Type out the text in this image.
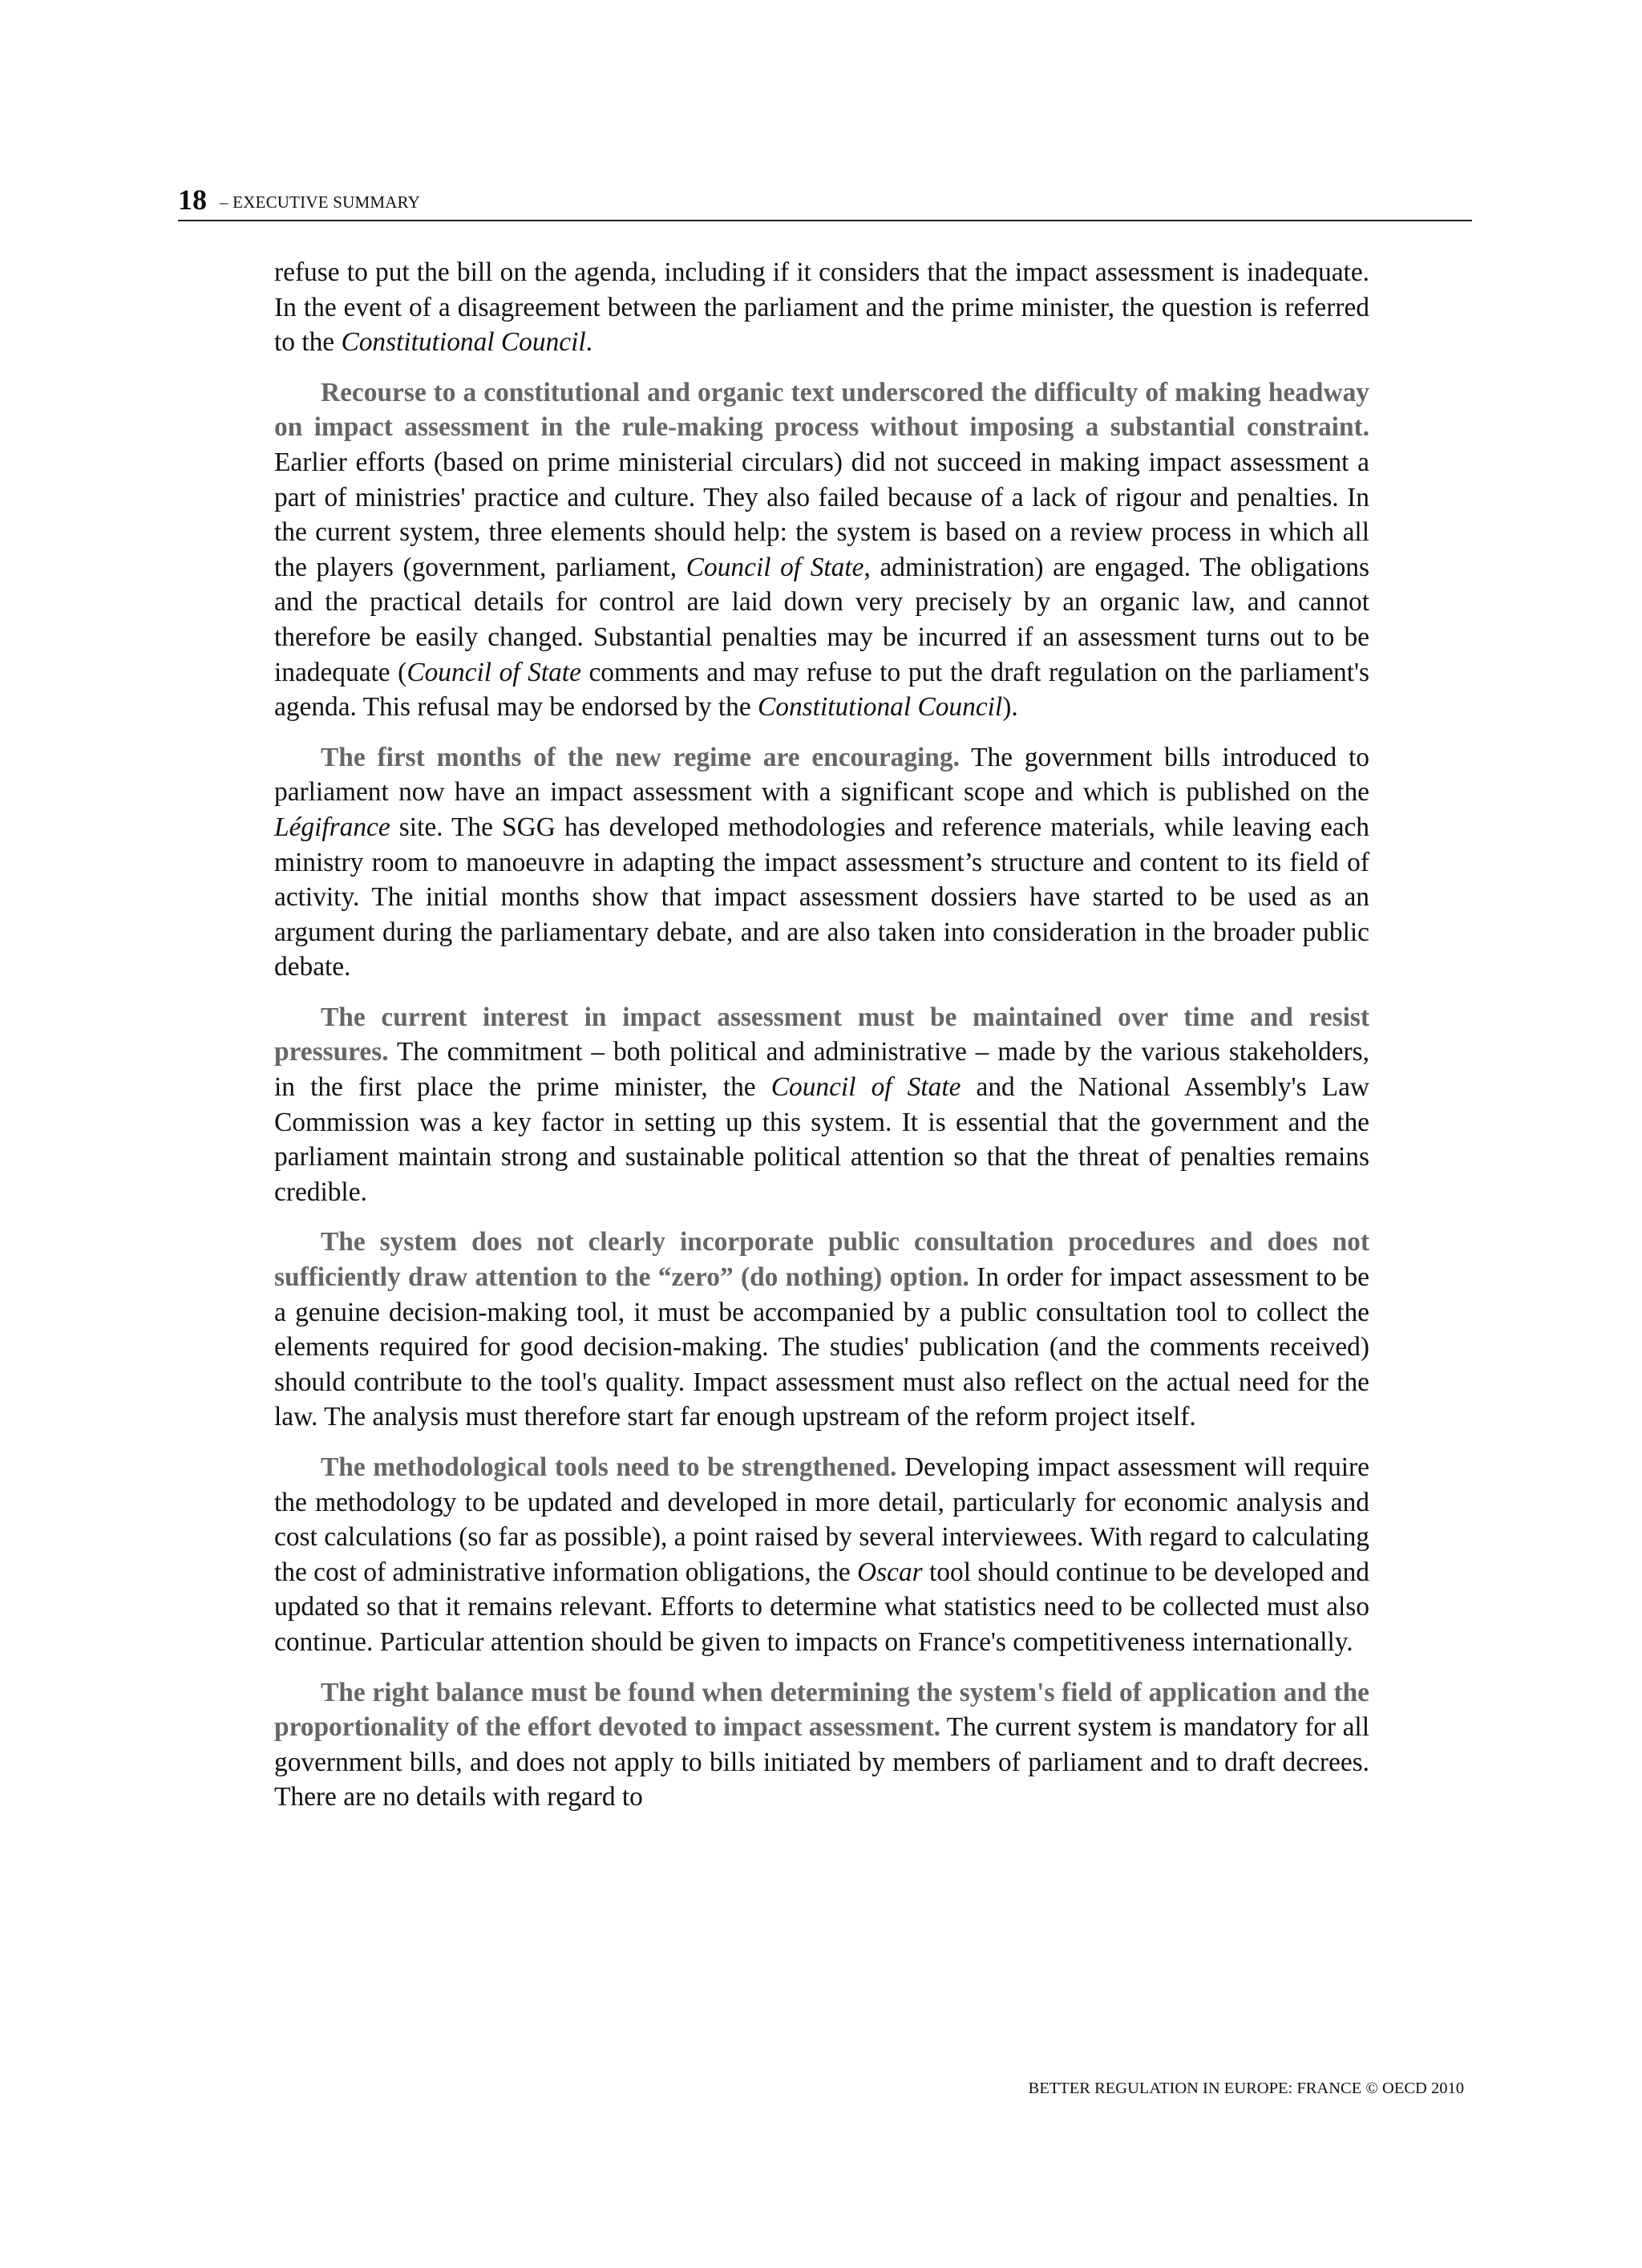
18 – EXECUTIVE SUMMARY

refuse to put the bill on the agenda, including if it considers that the impact assessment is inadequate. In the event of a disagreement between the parliament and the prime minister, the question is referred to the Constitutional Council.

Recourse to a constitutional and organic text underscored the difficulty of making headway on impact assessment in the rule-making process without imposing a substantial constraint. Earlier efforts (based on prime ministerial circulars) did not succeed in making impact assessment a part of ministries' practice and culture. They also failed because of a lack of rigour and penalties. In the current system, three elements should help: the system is based on a review process in which all the players (government, parliament, Council of State, administration) are engaged. The obligations and the practical details for control are laid down very precisely by an organic law, and cannot therefore be easily changed. Substantial penalties may be incurred if an assessment turns out to be inadequate (Council of State comments and may refuse to put the draft regulation on the parliament's agenda. This refusal may be endorsed by the Constitutional Council).

The first months of the new regime are encouraging. The government bills introduced to parliament now have an impact assessment with a significant scope and which is published on the Légifrance site. The SGG has developed methodologies and reference materials, while leaving each ministry room to manoeuvre in adapting the impact assessment’s structure and content to its field of activity. The initial months show that impact assessment dossiers have started to be used as an argument during the parliamentary debate, and are also taken into consideration in the broader public debate.

The current interest in impact assessment must be maintained over time and resist pressures. The commitment – both political and administrative – made by the various stakeholders, in the first place the prime minister, the Council of State and the National Assembly's Law Commission was a key factor in setting up this system. It is essential that the government and the parliament maintain strong and sustainable political attention so that the threat of penalties remains credible.

The system does not clearly incorporate public consultation procedures and does not sufficiently draw attention to the “zero” (do nothing) option. In order for impact assessment to be a genuine decision-making tool, it must be accompanied by a public consultation tool to collect the elements required for good decision-making. The studies' publication (and the comments received) should contribute to the tool's quality. Impact assessment must also reflect on the actual need for the law. The analysis must therefore start far enough upstream of the reform project itself.

The methodological tools need to be strengthened. Developing impact assessment will require the methodology to be updated and developed in more detail, particularly for economic analysis and cost calculations (so far as possible), a point raised by several interviewees. With regard to calculating the cost of administrative information obligations, the Oscar tool should continue to be developed and updated so that it remains relevant. Efforts to determine what statistics need to be collected must also continue. Particular attention should be given to impacts on France's competitiveness internationally.

The right balance must be found when determining the system's field of application and the proportionality of the effort devoted to impact assessment. The current system is mandatory for all government bills, and does not apply to bills initiated by members of parliament and to draft decrees. There are no details with regard to

BETTER REGULATION IN EUROPE: FRANCE © OECD 2010
